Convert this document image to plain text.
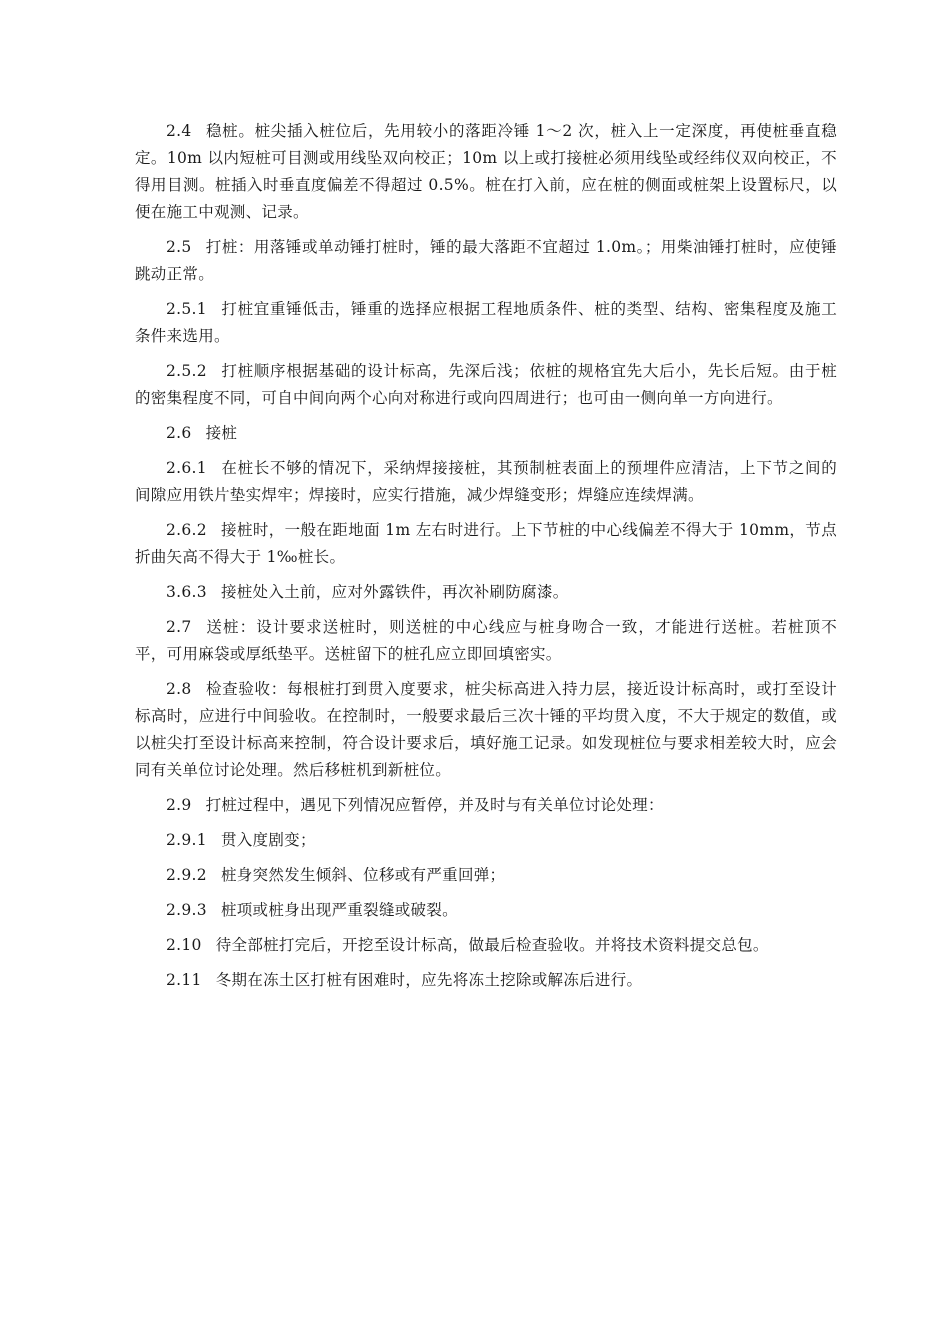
2.4 稳桩。桩尖插入桩位后，先用较小的落距冷锤 1～2 次，桩入上一定深度，再使桩垂直稳定。10m 以内短桩可目测或用线坠双向校正；10m 以上或打接桩必须用线坠或经纬仪双向校正，不得用目测。桩插入时垂直度偏差不得超过 0.5%。桩在打入前，应在桩的侧面或桩架上设置标尺，以便在施工中观测、记录。

2.5 打桩：用落锤或单动锤打桩时，锤的最大落距不宜超过 1.0m。；用柴油锤打桩时，应使锤跳动正常。

2.5.1 打桩宜重锤低击，锤重的选择应根据工程地质条件、桩的类型、结构、密集程度及施工条件来选用。

2.5.2 打桩顺序根据基础的设计标高，先深后浅；依桩的规格宜先大后小，先长后短。由于桩的密集程度不同，可自中间向两个心向对称进行或向四周进行；也可由一侧向单一方向进行。

2.6 接桩

2.6.1 在桩长不够的情况下，采纳焊接接桩，其预制桩表面上的预埋件应清洁，上下节之间的间隙应用铁片垫实焊牢；焊接时，应实行措施，减少焊缝变形；焊缝应连续焊满。

2.6.2 接桩时，一般在距地面 1m 左右时进行。上下节桩的中心线偏差不得大于 10mm，节点折曲矢高不得大于 1‰桩长。

3.6.3 接桩处入土前，应对外露铁件，再次补刷防腐漆。

2.7 送桩：设计要求送桩时，则送桩的中心线应与桩身吻合一致，才能进行送桩。若桩顶不平，可用麻袋或厚纸垫平。送桩留下的桩孔应立即回填密实。

2.8 检查验收：每根桩打到贯入度要求，桩尖标高进入持力层，接近设计标高时，或打至设计标高时，应进行中间验收。在控制时，一般要求最后三次十锤的平均贯入度，不大于规定的数值，或以桩尖打至设计标高来控制，符合设计要求后，填好施工记录。如发现桩位与要求相差较大时，应会同有关单位讨论处理。然后移桩机到新桩位。

2.9 打桩过程中，遇见下列情况应暂停，并及时与有关单位讨论处理：

2.9.1 贯入度剧变；

2.9.2 桩身突然发生倾斜、位移或有严重回弹；

2.9.3 桩项或桩身出现严重裂缝或破裂。

2.10 待全部桩打完后，开挖至设计标高，做最后检查验收。并将技术资料提交总包。

2.11 冬期在冻土区打桩有困难时，应先将冻土挖除或解冻后进行。
